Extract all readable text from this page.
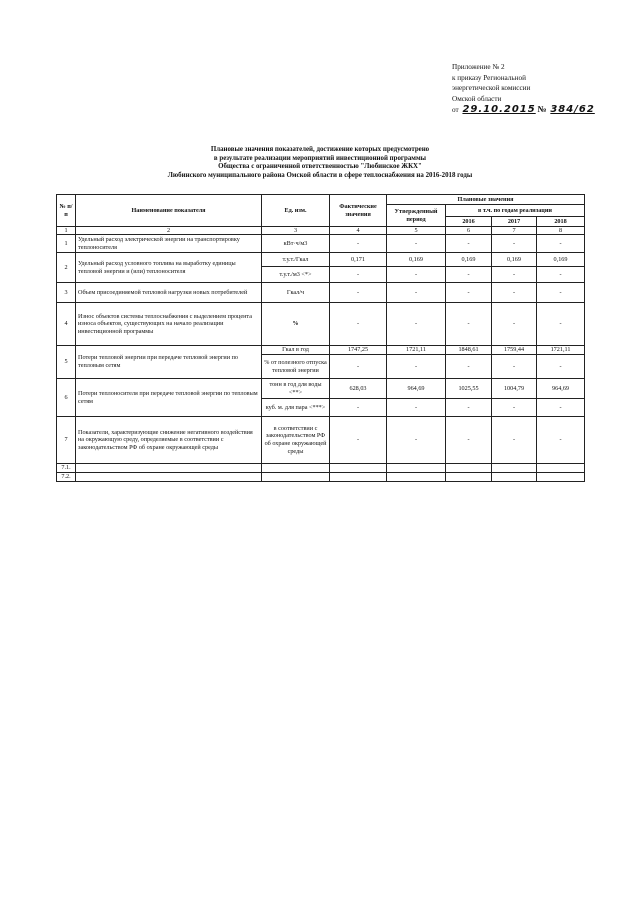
Приложение № 2
к приказу Региональной
энергетической комиссии
Омской области
от 29.10.2015 № 384/62
Плановые значения показателей, достижение которых предусмотрено
в результате реализации мероприятий инвестиционной программы
Общества с ограниченной ответственностью "Любинское ЖКХ"
Любинского муниципального района Омской области в сфере теплоснабжения на 2016-2018 годы
№ п/п	Наименование показателя	Ед. изм.	Фактические значения	Плановые значения			
				Утвержденный период	в т.ч. по годам реализации		
					2016	2017	2018
1	2	3	4	5	6	7	8
1	Удельный расход электрической энергии на транспортировку теплоносителя	кВт·ч/м3	-	-	-	-	-
2	Удельный расход условного топлива на выработку единицы тепловой энергии и (или) теплоносителя	т.у.т./Гкал	0,171	0,169	0,169	0,169	0,169
		т.у.т./м3 <*>	-	-	-	-	-
3	Объем присоединяемой тепловой нагрузки новых потребителей	Гкал/ч	-	-	-	-	-
4	Износ объектов системы теплоснабжения с выделением процента износа объектов, существующих на начало реализации инвестиционной программы	%	-	-	-	-	-
5	Потери тепловой энергии при передаче тепловой энергии по тепловым сетям	Гкал в год	1747,25	1721,11	1848,61	1759,44	1721,11
		% от полезного отпуска тепловой энергии	-	-	-	-	-
6	Потери теплоносителя при передаче тепловой энергии по тепловым сетям	тонн в год для воды <**>	628,03	964,69	1025,55	1004,79	964,69
		куб. м. для пара <***>	-	-	-	-	-
7	Показатели, характеризующие снижение негативного воздействия на окружающую среду, определяемые в соответствии с законодательством РФ об охране окружающей среды	в соответствии с законодательством РФ об охране окружающей среды	-	-	-	-	-
7.1.							
7.2.							
